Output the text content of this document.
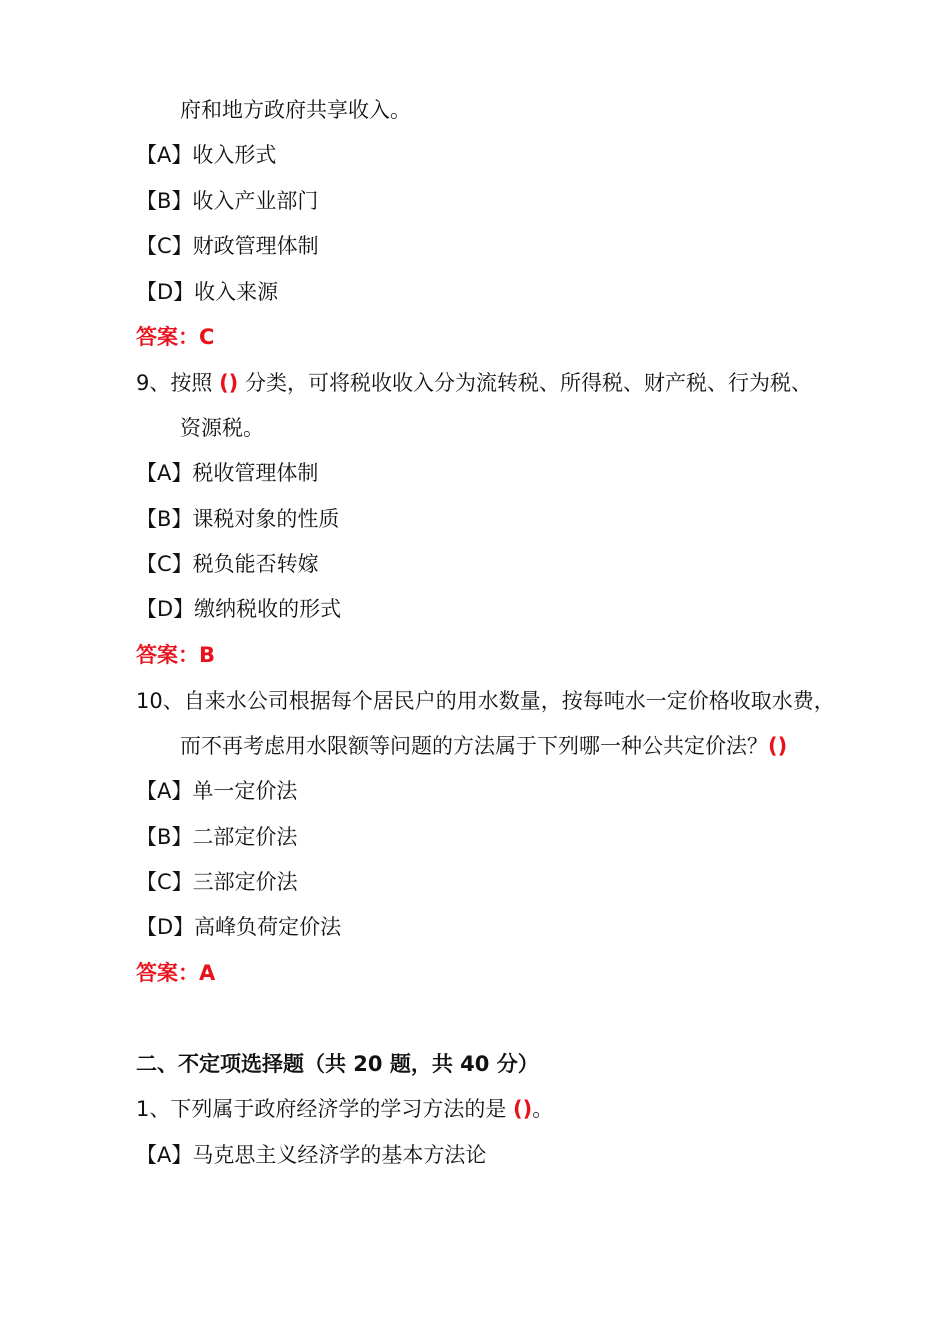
府和地方政府共享收入。
【A】收入形式
【B】收入产业部门
【C】财政管理体制
【D】收入来源
答案：C
9、按照 () 分类，可将税收收入分为流转税、所得税、财产税、行为税、
资源税。
【A】税收管理体制
【B】课税对象的性质
【C】税负能否转嫁
【D】缴纳税收的形式
答案：B
10、自来水公司根据每个居民户的用水数量，按每吨水一定价格收取水费，
而不再考虑用水限额等问题的方法属于下列哪一种公共定价法？()
【A】单一定价法
【B】二部定价法
【C】三部定价法
【D】高峰负荷定价法
答案：A
二、不定项选择题（共 20 题，共 40 分）
1、下列属于政府经济学的学习方法的是 ()。
【A】马克思主义经济学的基本方法论
